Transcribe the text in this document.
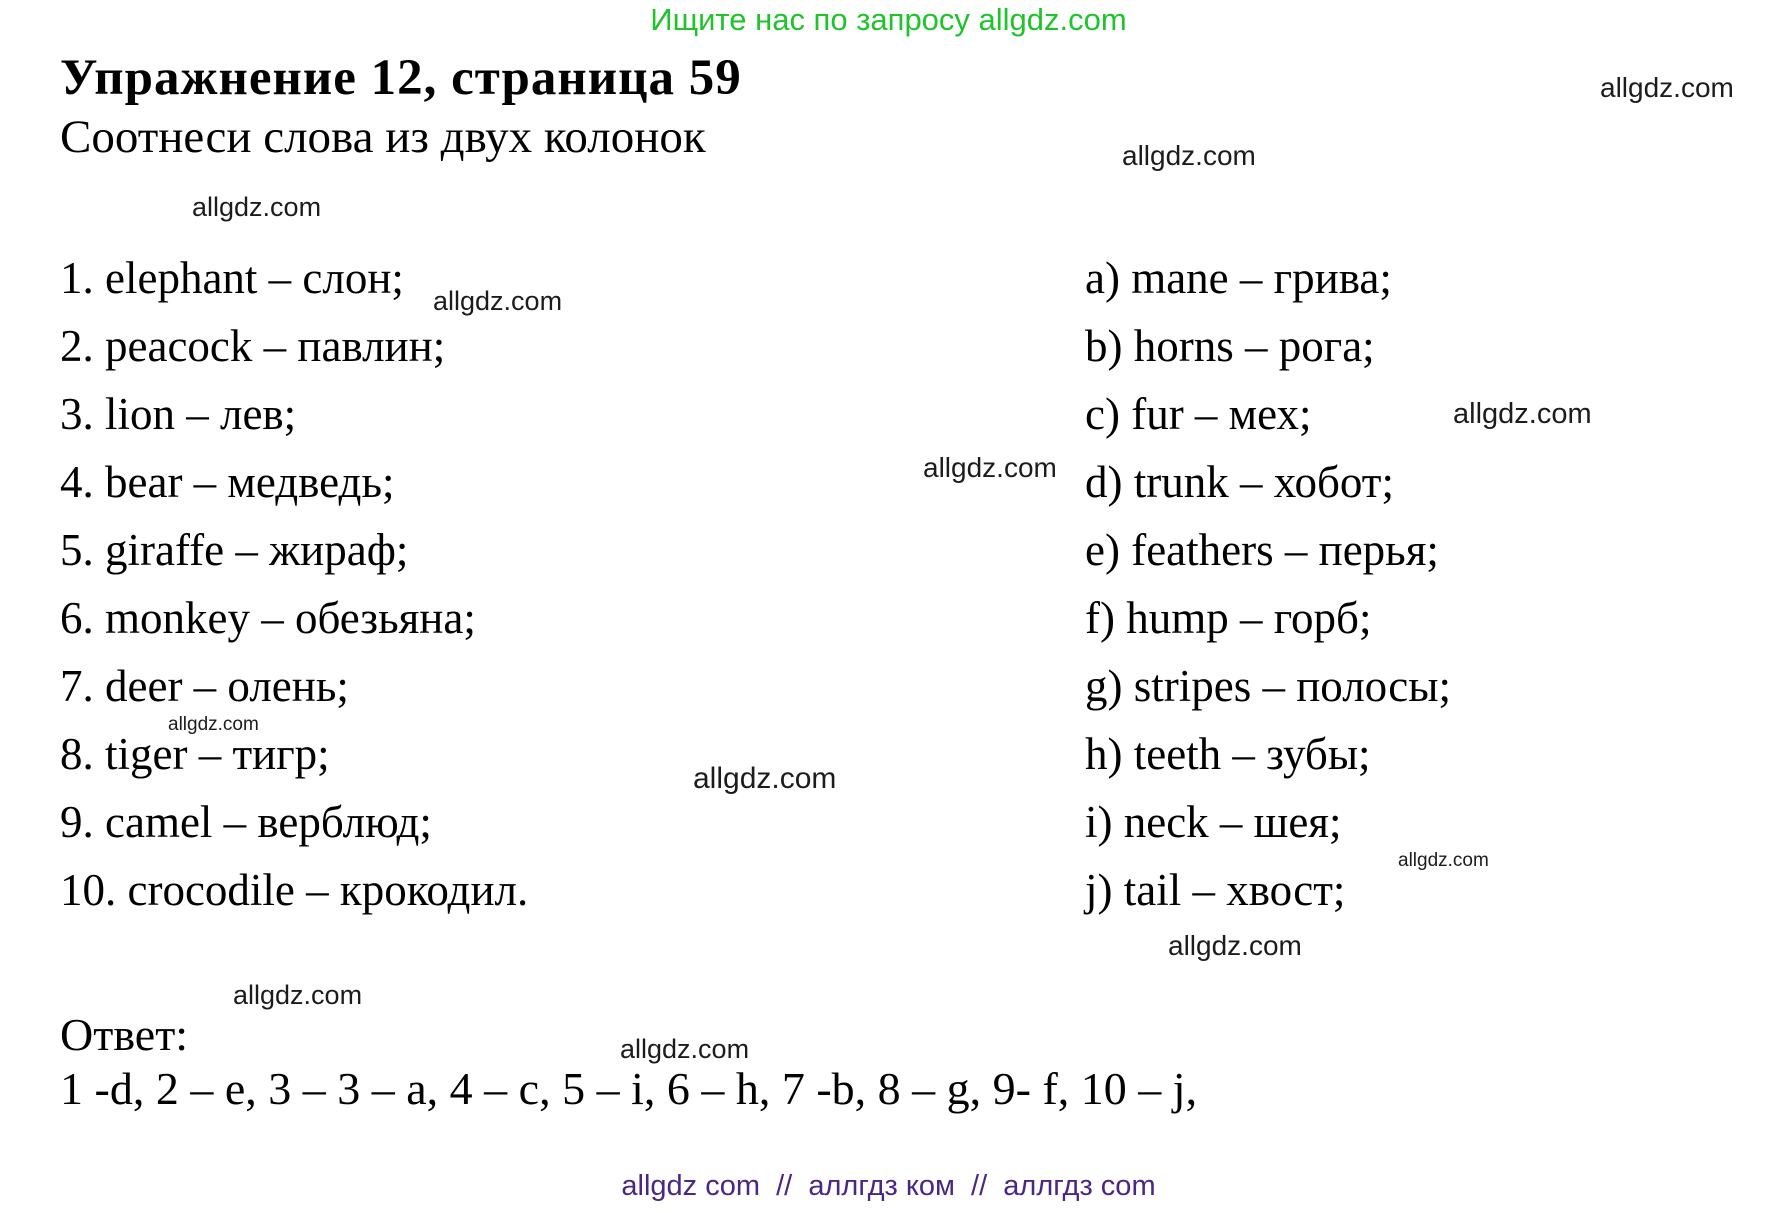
Ищите нас по запросу allgdz.com
Упражнение 12, страница 59
Соотнеси слова из двух колонок
allgdz.com
allgdz.com
allgdz.com
allgdz.com
allgdz.com
allgdz.com
allgdz.com
allgdz.com
allgdz.com
allgdz.com
allgdz.com
allgdz.com
1. elephant – слон;
2. peacock – павлин;
3. lion – лев;
4. bear – медведь;
5. giraffe – жираф;
6. monkey – обезьяна;
7. deer – олень;
8. tiger – тигр;
9. camel – верблюд;
10. crocodile – крокодил.
a) mane – грива;
b) horns – рога;
c) fur – мех;
d) trunk – хобот;
e) feathers – перья;
f) hump – горб;
g) stripes – полосы;
h) teeth – зубы;
i) neck – шея;
j) tail – хвост;
Ответ:
1 -d, 2 – e, 3 – 3 – a, 4 – c, 5 – i, 6 – h, 7 -b, 8 – g, 9- f, 10 – j,
allgdz com  //  аллгдз ком  //  аллгдз com
